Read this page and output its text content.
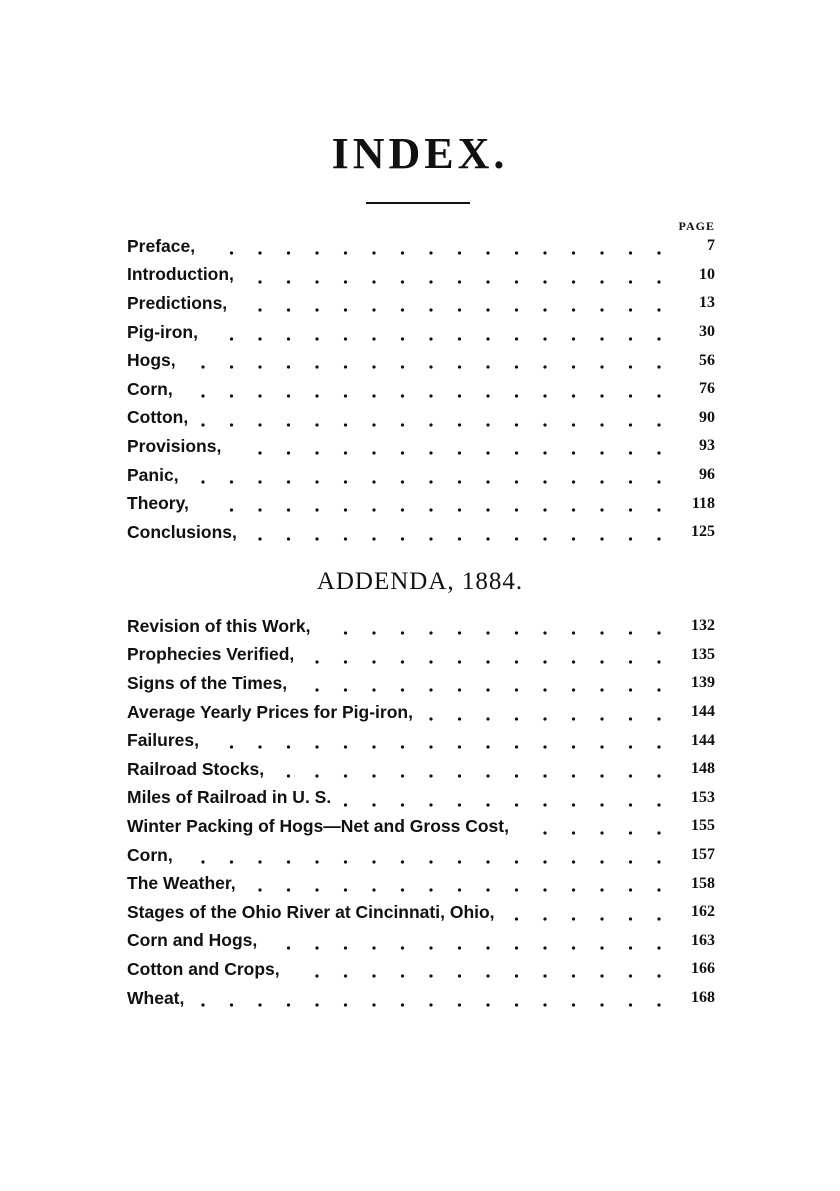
INDEX.
PAGE
Preface,	7
Introduction,	10
Predictions,	13
Pig-iron,	30
Hogs,	56
Corn,	76
Cotton,	90
Provisions,	93
Panic,	96
Theory,	118
Conclusions,	125
ADDENDA, 1884.
Revision of this Work,	132
Prophecies Verified,	135
Signs of the Times,	139
Average Yearly Prices for Pig-iron,	144
Failures,	144
Railroad Stocks,	148
Miles of Railroad in U. S.	153
Winter Packing of Hogs—Net and Gross Cost,	155
Corn,	157
The Weather,	158
Stages of the Ohio River at Cincinnati, Ohio,	162
Corn and Hogs,	163
Cotton and Crops,	166
Wheat,	168
